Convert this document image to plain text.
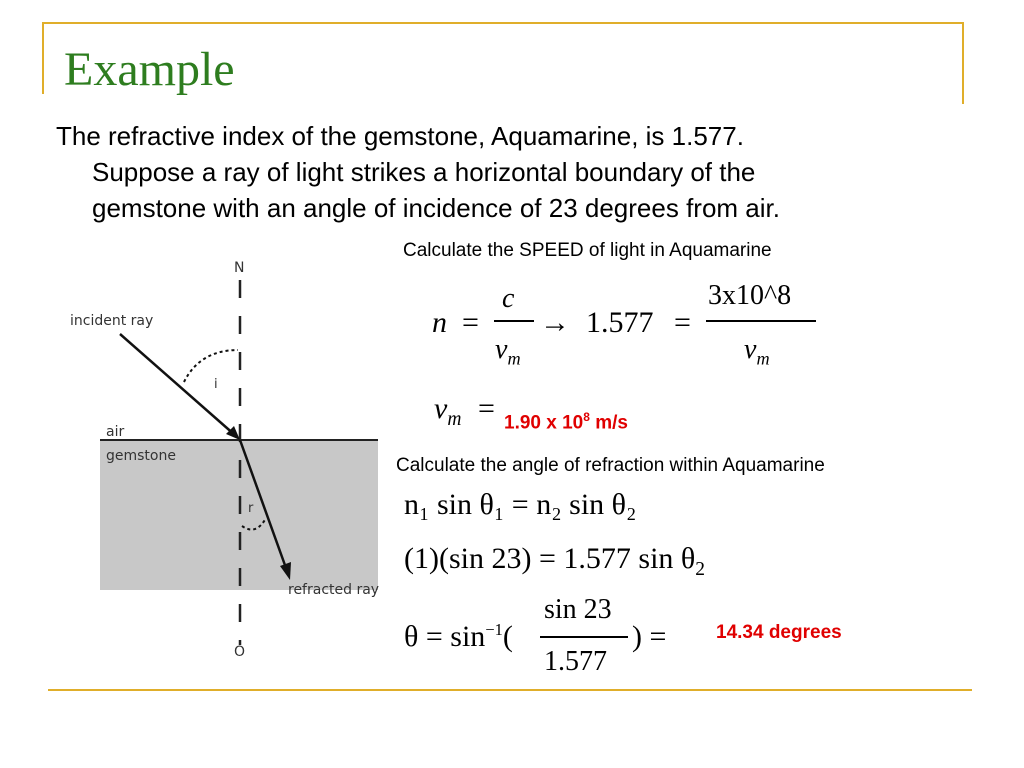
Example
The refractive index of the gemstone, Aquamarine, is 1.577.
Suppose a ray of light strikes a horizontal boundary of the
gemstone with an angle of incidence of 23 degrees from air.
N
O
incident ray
i
air
gemstone
r
refracted ray
Calculate the SPEED of light in Aquamarine
n =
c
$v_m$
→ 1.577 =
3x10^8
$v_m$
$v_m = 1.90$ x $10^8$ m/s
Calculate the angle of refraction within Aquamarine
n₁ sin θ₁ = n₂ sin θ₂
(1)(sin 23) = 1.577 $\sin \theta_2$
$\theta = \sin^{-1}$(
sin 23
1.577
) =	14.34 degrees
